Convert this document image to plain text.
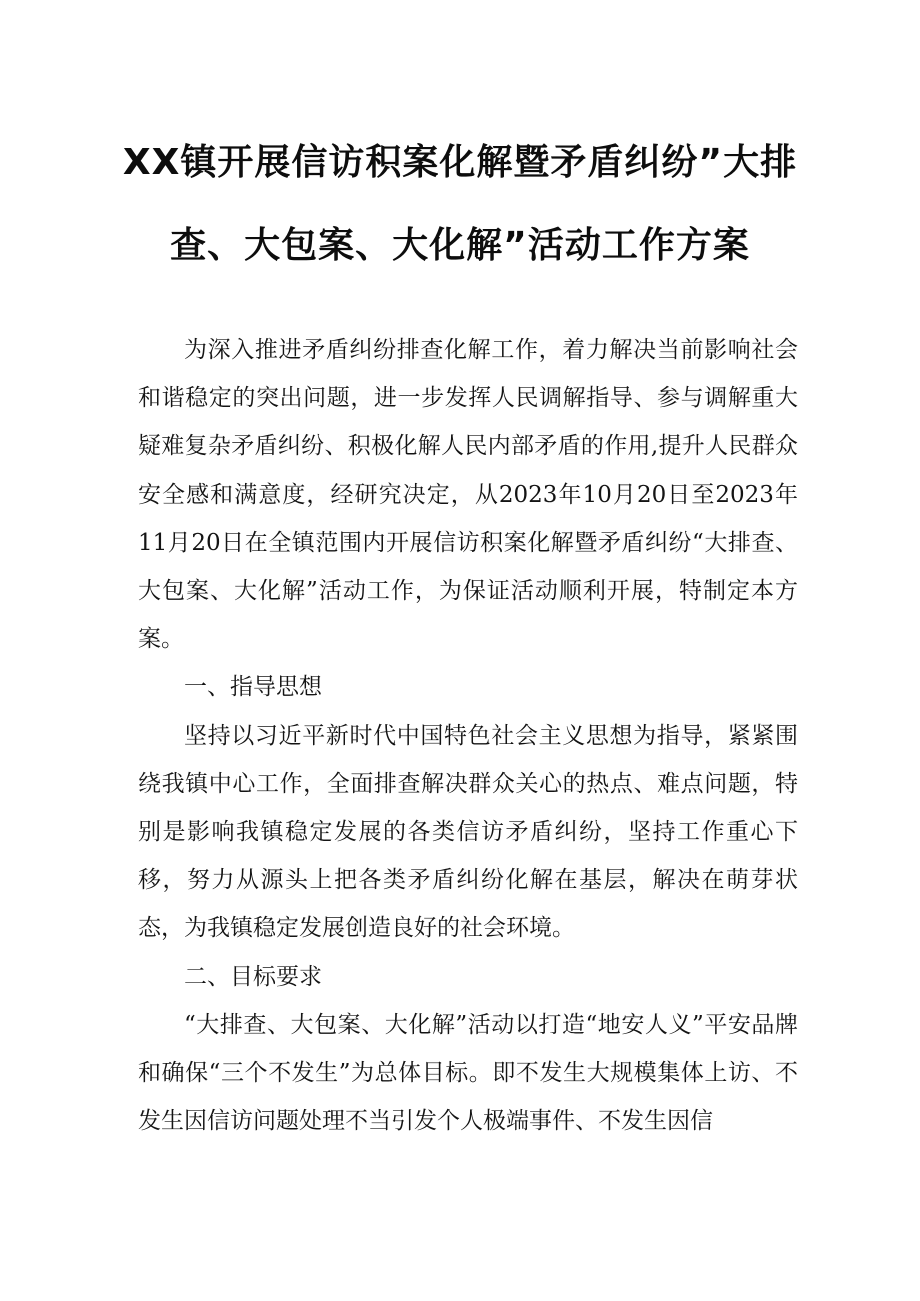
XX镇开展信访积案化解暨矛盾纠纷”大排
查、大包案、大化解”活动工作方案

为深入推进矛盾纠纷排查化解工作，着力解决当前影响社会和谐稳定的突出问题，进一步发挥人民调解指导、参与调解重大疑难复杂矛盾纠纷、积极化解人民内部矛盾的作用,提升人民群众安全感和满意度，经研究决定，从2023年10月20日至2023年11月20日在全镇范围内开展信访积案化解暨矛盾纠纷“大排查、大包案、大化解”活动工作，为保证活动顺利开展，特制定本方案。

一、指导思想

坚持以习近平新时代中国特色社会主义思想为指导，紧紧围绕我镇中心工作，全面排查解决群众关心的热点、难点问题，特别是影响我镇稳定发展的各类信访矛盾纠纷，坚持工作重心下移，努力从源头上把各类矛盾纠纷化解在基层，解决在萌芽状态，为我镇稳定发展创造良好的社会环境。

二、目标要求

“大排查、大包案、大化解”活动以打造“地安人义”平安品牌和确保“三个不发生”为总体目标。即不发生大规模集体上访、不发生因信访问题处理不当引发个人极端事件、不发生因信
